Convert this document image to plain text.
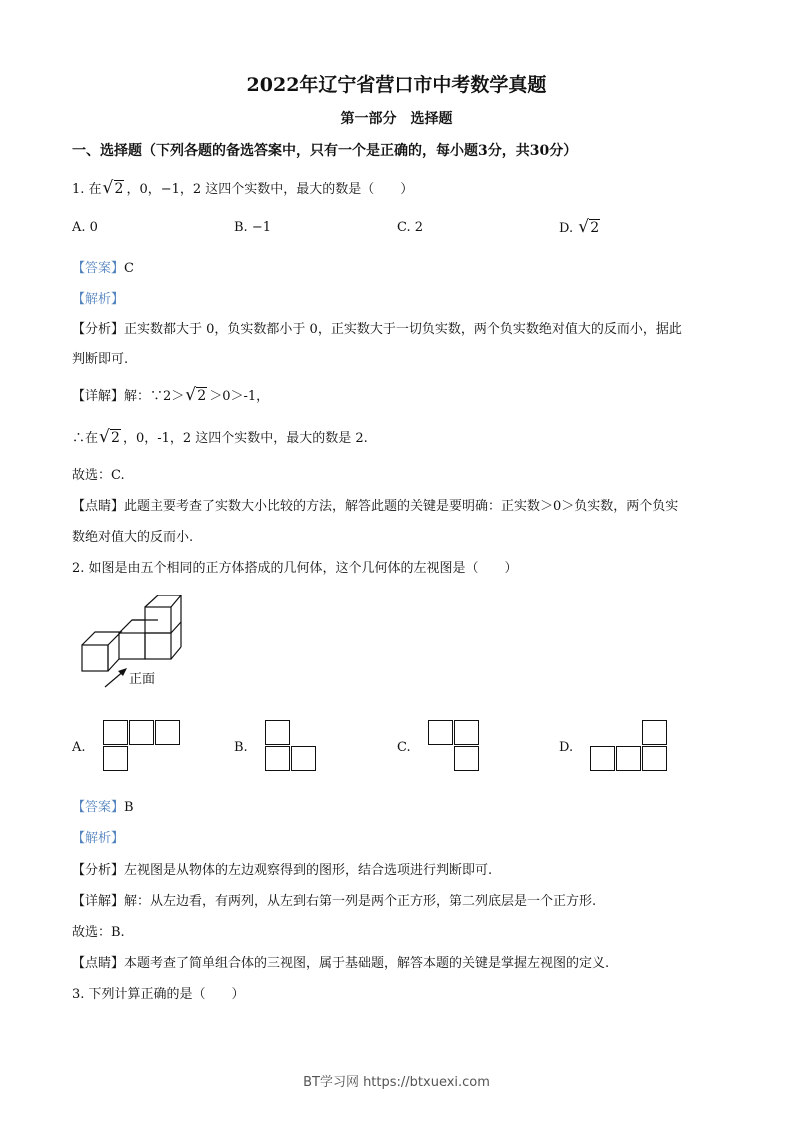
2022年辽宁省营口市中考数学真题
第一部分　选择题
一、选择题（下列各题的备选答案中，只有一个是正确的，每小题3分，共30分）
1. 在 √ 2 ，0，−1，2 这四个实数中，最大的数是（　　）
A. 0	B. −1	C. 2	D. √ 2
【答案】C
【解析】
【分析】正实数都大于 0，负实数都小于 0，正实数大于一切负实数，两个负实数绝对值大的反而小，据此
判断即可.
【详解】解：∵2＞ √ 2 ＞0＞-1，
∴在 √ 2 ，0，-1，2 这四个实数中，最大的数是 2.
故选：C.
【点睛】此题主要考查了实数大小比较的方法，解答此题的关键是要明确：正实数＞0＞负实数，两个负实
数绝对值大的反而小.
2. 如图是由五个相同的正方体搭成的几何体，这个几何体的左视图是（　　）
正面
A.	B.	C.	D.
【答案】B
【解析】
【分析】左视图是从物体的左边观察得到的图形，结合选项进行判断即可.
【详解】解：从左边看，有两列，从左到右第一列是两个正方形，第二列底层是一个正方形.
故选：B.
【点睛】本题考查了简单组合体的三视图，属于基础题，解答本题的关键是掌握左视图的定义.
3. 下列计算正确的是（　　）
BT学习网 https://btxuexi.com
